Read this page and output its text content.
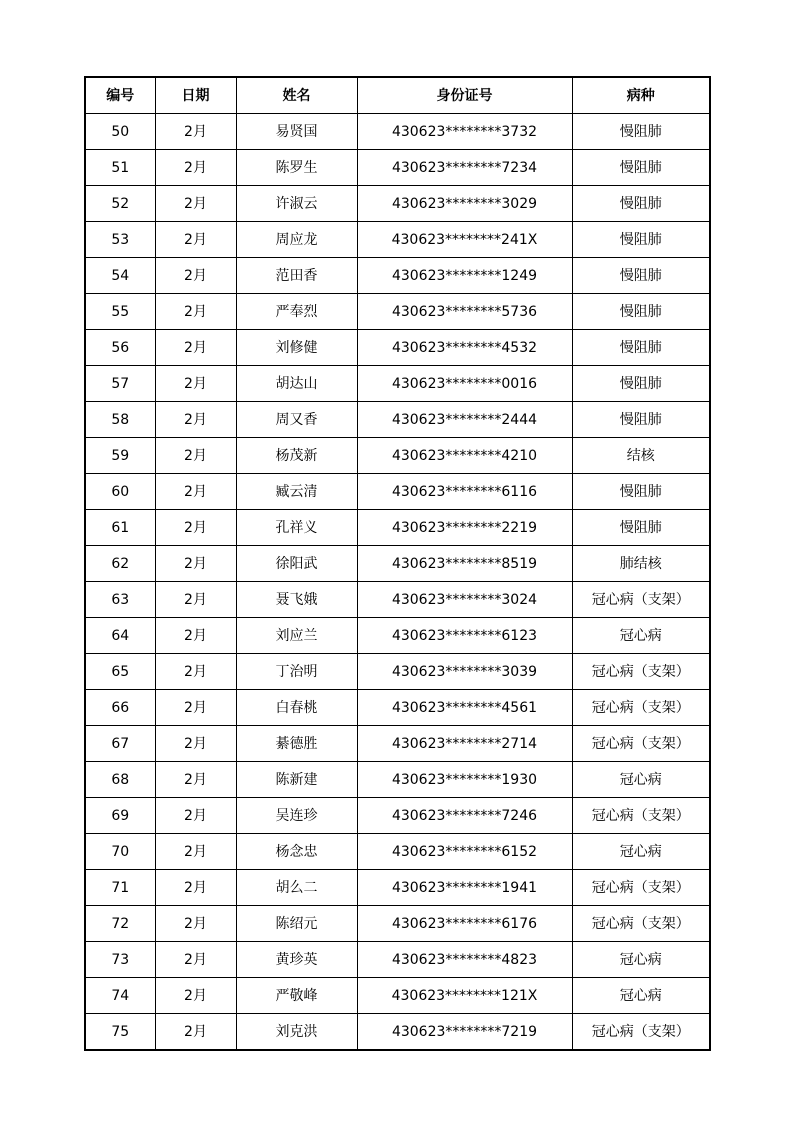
编号	日期	姓名	身份证号	病种
50	2月	易贤国	430623********3732	慢阻肺
51	2月	陈罗生	430623********7234	慢阻肺
52	2月	许淑云	430623********3029	慢阻肺
53	2月	周应龙	430623********241X	慢阻肺
54	2月	范田香	430623********1249	慢阻肺
55	2月	严奉烈	430623********5736	慢阻肺
56	2月	刘修健	430623********4532	慢阻肺
57	2月	胡达山	430623********0016	慢阻肺
58	2月	周又香	430623********2444	慢阻肺
59	2月	杨茂新	430623********4210	结核
60	2月	臧云清	430623********6116	慢阻肺
61	2月	孔祥义	430623********2219	慢阻肺
62	2月	徐阳武	430623********8519	肺结核
63	2月	聂飞娥	430623********3024	冠心病（支架）
64	2月	刘应兰	430623********6123	冠心病
65	2月	丁治明	430623********3039	冠心病（支架）
66	2月	白春桃	430623********4561	冠心病（支架）
67	2月	綦德胜	430623********2714	冠心病（支架）
68	2月	陈新建	430623********1930	冠心病
69	2月	吴连珍	430623********7246	冠心病（支架）
70	2月	杨念忠	430623********6152	冠心病
71	2月	胡么二	430623********1941	冠心病（支架）
72	2月	陈绍元	430623********6176	冠心病（支架）
73	2月	黄珍英	430623********4823	冠心病
74	2月	严敬峰	430623********121X	冠心病
75	2月	刘克洪	430623********7219	冠心病（支架）
